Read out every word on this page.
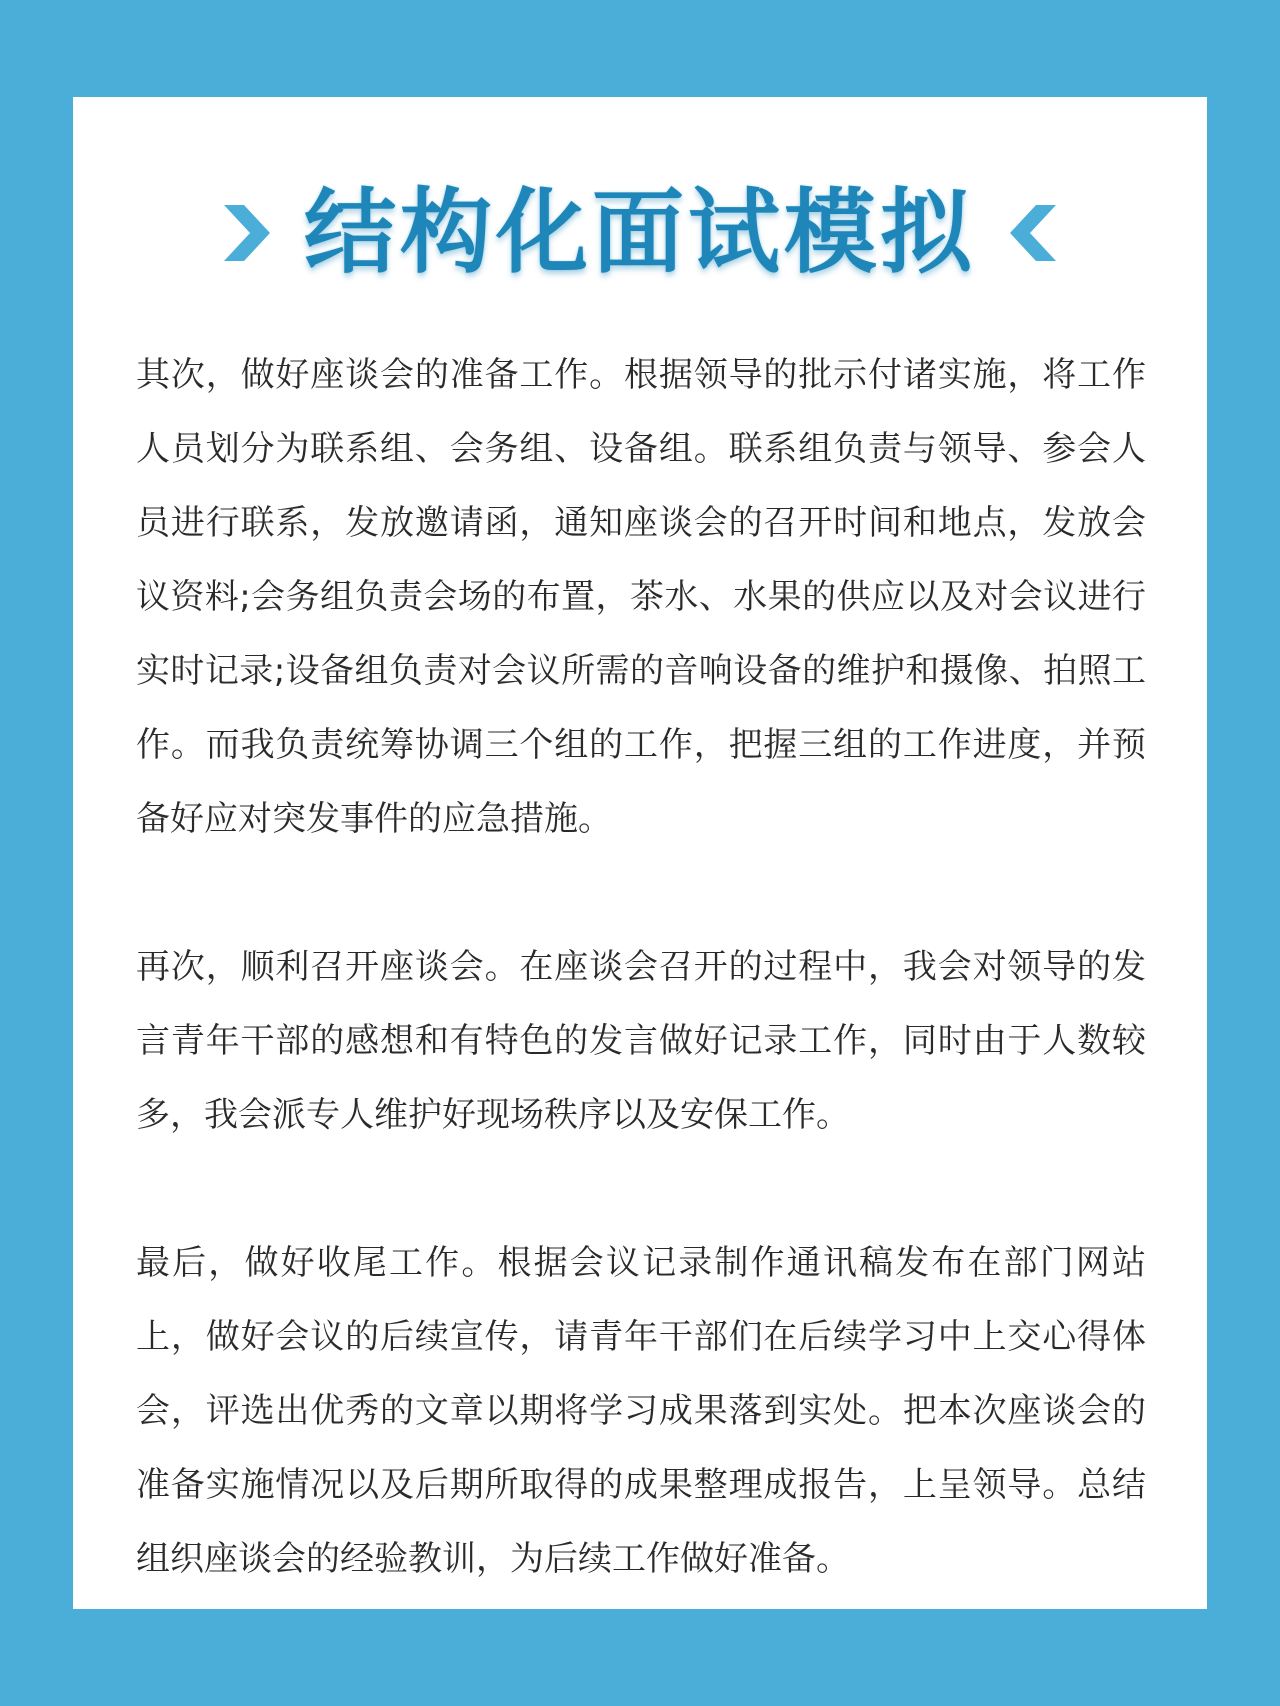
结构化面试模拟

其次，做好座谈会的准备工作。根据领导的批示付诸实施，将工作人员划分为联系组、会务组、设备组。联系组负责与领导、参会人员进行联系，发放邀请函，通知座谈会的召开时间和地点，发放会议资料;会务组负责会场的布置，茶水、水果的供应以及对会议进行实时记录;设备组负责对会议所需的音响设备的维护和摄像、拍照工作。而我负责统筹协调三个组的工作，把握三组的工作进度，并预备好应对突发事件的应急措施。

再次，顺利召开座谈会。在座谈会召开的过程中，我会对领导的发言青年干部的感想和有特色的发言做好记录工作，同时由于人数较多，我会派专人维护好现场秩序以及安保工作。

最后，做好收尾工作。根据会议记录制作通讯稿发布在部门网站上，做好会议的后续宣传，请青年干部们在后续学习中上交心得体会，评选出优秀的文章以期将学习成果落到实处。把本次座谈会的准备实施情况以及后期所取得的成果整理成报告，上呈领导。总结组织座谈会的经验教训，为后续工作做好准备。
